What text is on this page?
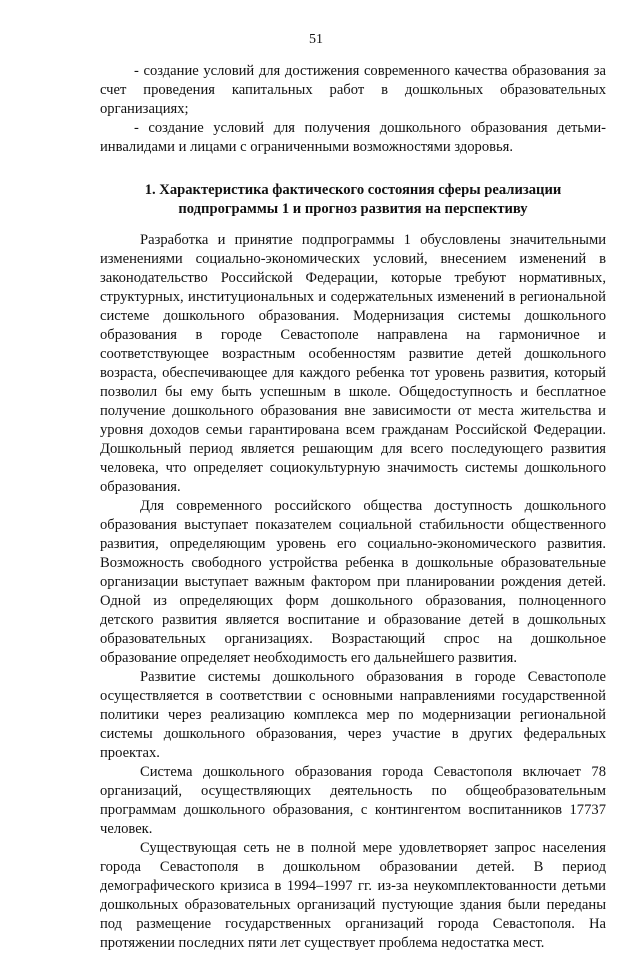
51

- создание условий для достижения современного качества образования за счет проведения капитальных работ в дошкольных образовательных организациях;

- создание условий для получения дошкольного образования детьми-инвалидами и лицами с ограниченными возможностями здоровья.

1. Характеристика фактического состояния сферы реализации
подпрограммы 1 и прогноз развития на перспективу

Разработка и принятие подпрограммы 1 обусловлены значительными изменениями социально-экономических условий, внесением изменений в законодательство Российской Федерации, которые требуют нормативных, структурных, институциональных и содержательных изменений в региональной системе дошкольного образования. Модернизация системы дошкольного образования в городе Севастополе направлена на гармоничное и соответствующее возрастным особенностям развитие детей дошкольного возраста, обеспечивающее для каждого ребенка тот уровень развития, который позволил бы ему быть успешным в школе. Общедоступность и бесплатное получение дошкольного образования вне зависимости от места жительства и уровня доходов семьи гарантирована всем гражданам Российской Федерации. Дошкольный период является решающим для всего последующего развития человека, что определяет социокультурную значимость системы дошкольного образования.

Для современного российского общества доступность дошкольного образования выступает показателем социальной стабильности общественного развития, определяющим уровень его социально-экономического развития. Возможность свободного устройства ребенка в дошкольные образовательные организации выступает важным фактором при планировании рождения детей. Одной из определяющих форм дошкольного образования, полноценного детского развития является воспитание и образование детей в дошкольных образовательных организациях. Возрастающий спрос на дошкольное образование определяет необходимость его дальнейшего развития.

Развитие системы дошкольного образования в городе Севастополе осуществляется в соответствии с основными направлениями государственной политики через реализацию комплекса мер по модернизации региональной системы дошкольного образования, через участие в других федеральных проектах.

Система дошкольного образования города Севастополя включает 78 организаций, осуществляющих деятельность по общеобразовательным программам дошкольного образования, с контингентом воспитанников 17737 человек.

Существующая сеть не в полной мере удовлетворяет запрос населения города Севастополя в дошкольном образовании детей. В период демографического кризиса в 1994–1997 гг. из-за неукомплектованности детьми дошкольных образовательных организаций пустующие здания были переданы под размещение государственных организаций города Севастополя. На протяжении последних пяти лет существует проблема недостатка мест.
